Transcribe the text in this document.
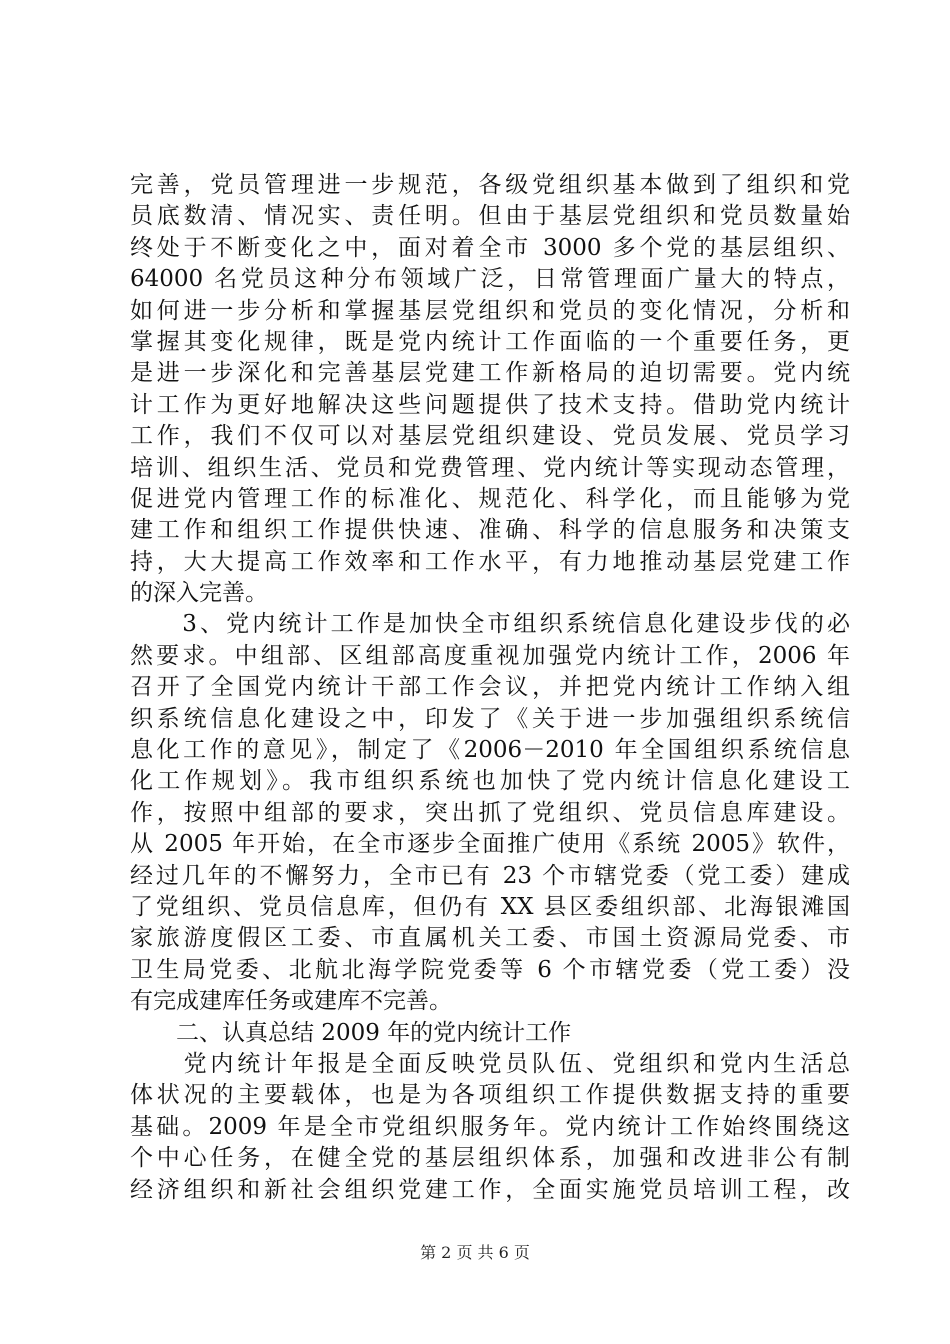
完善，党员管理进一步规范，各级党组织基本做到了组织和党
员底数清、情况实、责任明。但由于基层党组织和党员数量始
终处于不断变化之中，面对着全市 3000 多个党的基层组织、
64000 名党员这种分布领域广泛，日常管理面广量大的特点，
如何进一步分析和掌握基层党组织和党员的变化情况，分析和
掌握其变化规律，既是党内统计工作面临的一个重要任务，更
是进一步深化和完善基层党建工作新格局的迫切需要。党内统
计工作为更好地解决这些问题提供了技术支持。借助党内统计
工作，我们不仅可以对基层党组织建设、党员发展、党员学习
培训、组织生活、党员和党费管理、党内统计等实现动态管理，
促进党内管理工作的标准化、规范化、科学化，而且能够为党
建工作和组织工作提供快速、准确、科学的信息服务和决策支
持，大大提高工作效率和工作水平，有力地推动基层党建工作
的深入完善。
　　3、党内统计工作是加快全市组织系统信息化建设步伐的必
然要求。中组部、区组部高度重视加强党内统计工作，2006 年
召开了全国党内统计干部工作会议，并把党内统计工作纳入组
织系统信息化建设之中，印发了《关于进一步加强组织系统信
息化工作的意见》，制定了《2006－2010 年全国组织系统信息
化工作规划》。我市组织系统也加快了党内统计信息化建设工
作，按照中组部的要求，突出抓了党组织、党员信息库建设。
从 2005 年开始，在全市逐步全面推广使用《系统 2005》软件，
经过几年的不懈努力，全市已有 23 个市辖党委（党工委）建成
了党组织、党员信息库，但仍有 XX 县区委组织部、北海银滩国
家旅游度假区工委、市直属机关工委、市国土资源局党委、市
卫生局党委、北航北海学院党委等 6 个市辖党委（党工委）没
有完成建库任务或建库不完善。
　　二、认真总结 2009 年的党内统计工作
　　党内统计年报是全面反映党员队伍、党组织和党内生活总
体状况的主要载体，也是为各项组织工作提供数据支持的重要
基础。2009 年是全市党组织服务年。党内统计工作始终围绕这
个中心任务，在健全党的基层组织体系，加强和改进非公有制
经济组织和新社会组织党建工作，全面实施党员培训工程，改
第 2 页 共 6 页
